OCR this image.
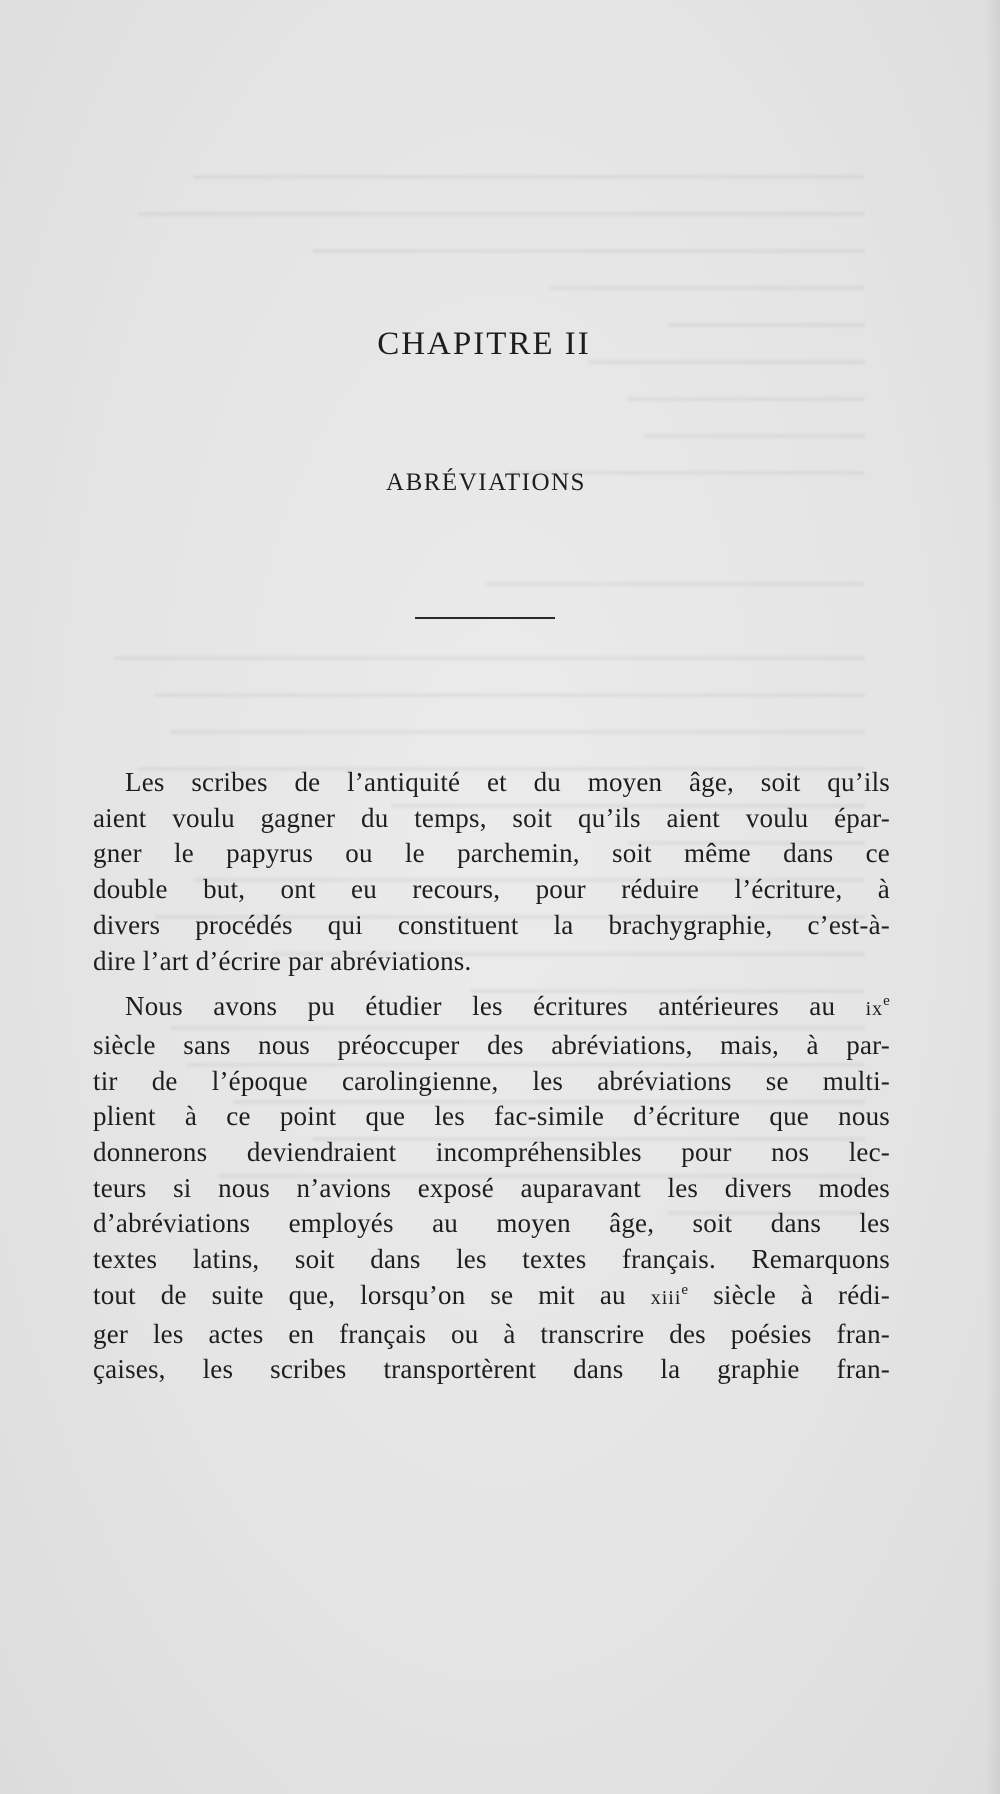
CHAPITRE II
ABRÉVIATIONS

Les scribes de l’antiquité et du moyen âge, soit qu’ils
aient voulu gagner du temps, soit qu’ils aient voulu épar-
gner le papyrus ou le parchemin, soit même dans ce
double but, ont eu recours, pour réduire l’écriture, à
divers procédés qui constituent la brachygraphie, c’est-à-
dire l’art d’écrire par abréviations.

Nous avons pu étudier les écritures antérieures au $ix^e$
siècle sans nous préoccuper des abréviations, mais, à par-
tir de l’époque carolingienne, les abréviations se multi-
plient à ce point que les fac-simile d’écriture que nous
donnerons deviendraient incompréhensibles pour nos lec-
teurs si nous n’avions exposé auparavant les divers modes
d’abréviations employés au moyen âge, soit dans les
textes latins, soit dans les textes français. Remarquons
tout de suite que, lorsqu’on se mit au xiii$^e$ siècle à rédi-
ger les actes en français ou à transcrire des poésies fran-
çaises, les scribes transportèrent dans la graphie fran-
